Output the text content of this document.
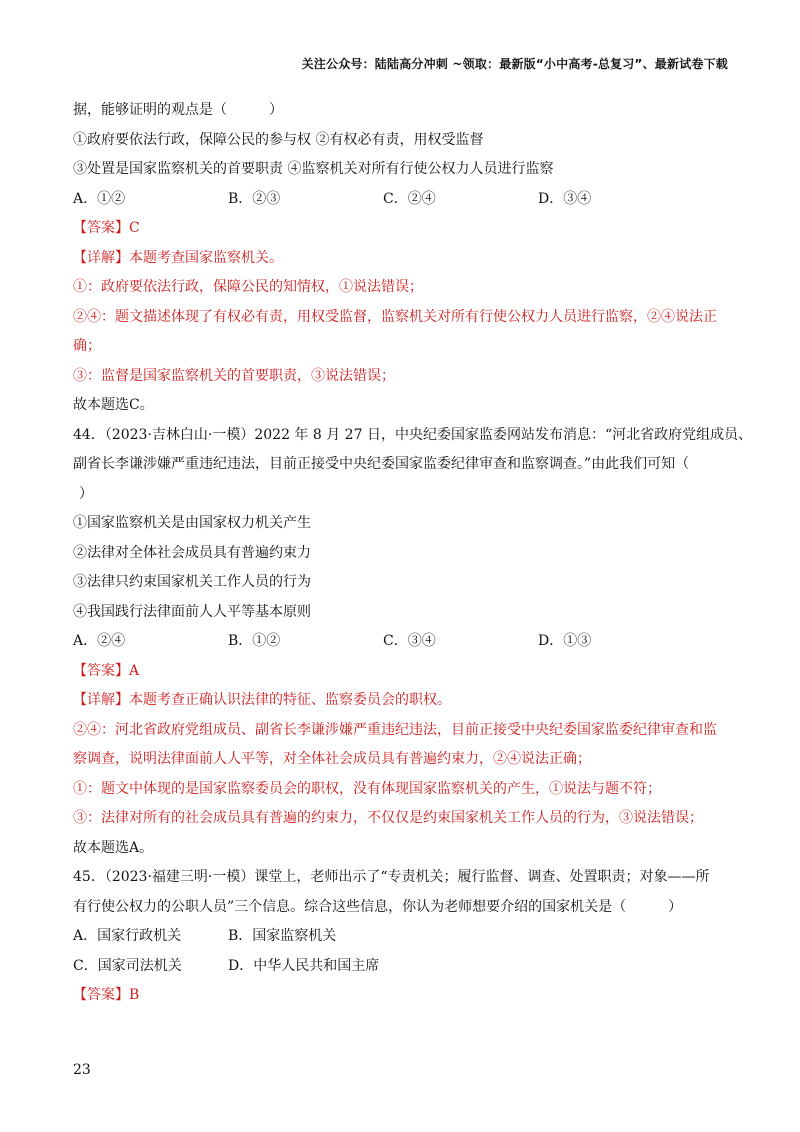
关注公众号：陆陆高分冲刺 ~领取：最新版“小中高考-总复习”、最新试卷下载
据，能够证明的观点是（　　　）
①政府要依法行政，保障公民的参与权 ②有权必有责，用权受监督
③处置是国家监察机关的首要职责 ④监察机关对所有行使公权力人员进行监察
A．①②	B．②③	C．②④	D．③④
【答案】C
【详解】本题考查国家监察机关。
①：政府要依法行政，保障公民的知情权，①说法错误；
②④：题文描述体现了有权必有责，用权受监督，监察机关对所有行使公权力人员进行监察，②④说法正
确；
③：监督是国家监察机关的首要职责，③说法错误；
故本题选C。
44．（2023·吉林白山·一模）2022 年 8 月 27 日，中央纪委国家监委网站发布消息：“河北省政府党组成员、
副省长李谦涉嫌严重违纪违法，目前正接受中央纪委国家监委纪律审查和监察调查。”由此我们可知（
）
①国家监察机关是由国家权力机关产生
②法律对全体社会成员具有普遍约束力
③法律只约束国家机关工作人员的行为
④我国践行法律面前人人平等基本原则
A．②④	B．①②	C．③④	D．①③
【答案】A
【详解】本题考查正确认识法律的特征、监察委员会的职权。
②④：河北省政府党组成员、副省长李谦涉嫌严重违纪违法，目前正接受中央纪委国家监委纪律审查和监
察调查，说明法律面前人人平等，对全体社会成员具有普遍约束力，②④说法正确；
①：题文中体现的是国家监察委员会的职权，没有体现国家监察机关的产生，①说法与题不符；
③：法律对所有的社会成员具有普遍的约束力，不仅仅是约束国家机关工作人员的行为，③说法错误；
故本题选A。
45．（2023·福建三明·一模）课堂上，老师出示了“专责机关；履行监督、调查、处置职责；对象——所
有行使公权力的公职人员”三个信息。综合这些信息，你认为老师想要介绍的国家机关是（　　　）
A．国家行政机关	B．国家监察机关
C．国家司法机关	D．中华人民共和国主席
【答案】B
23
